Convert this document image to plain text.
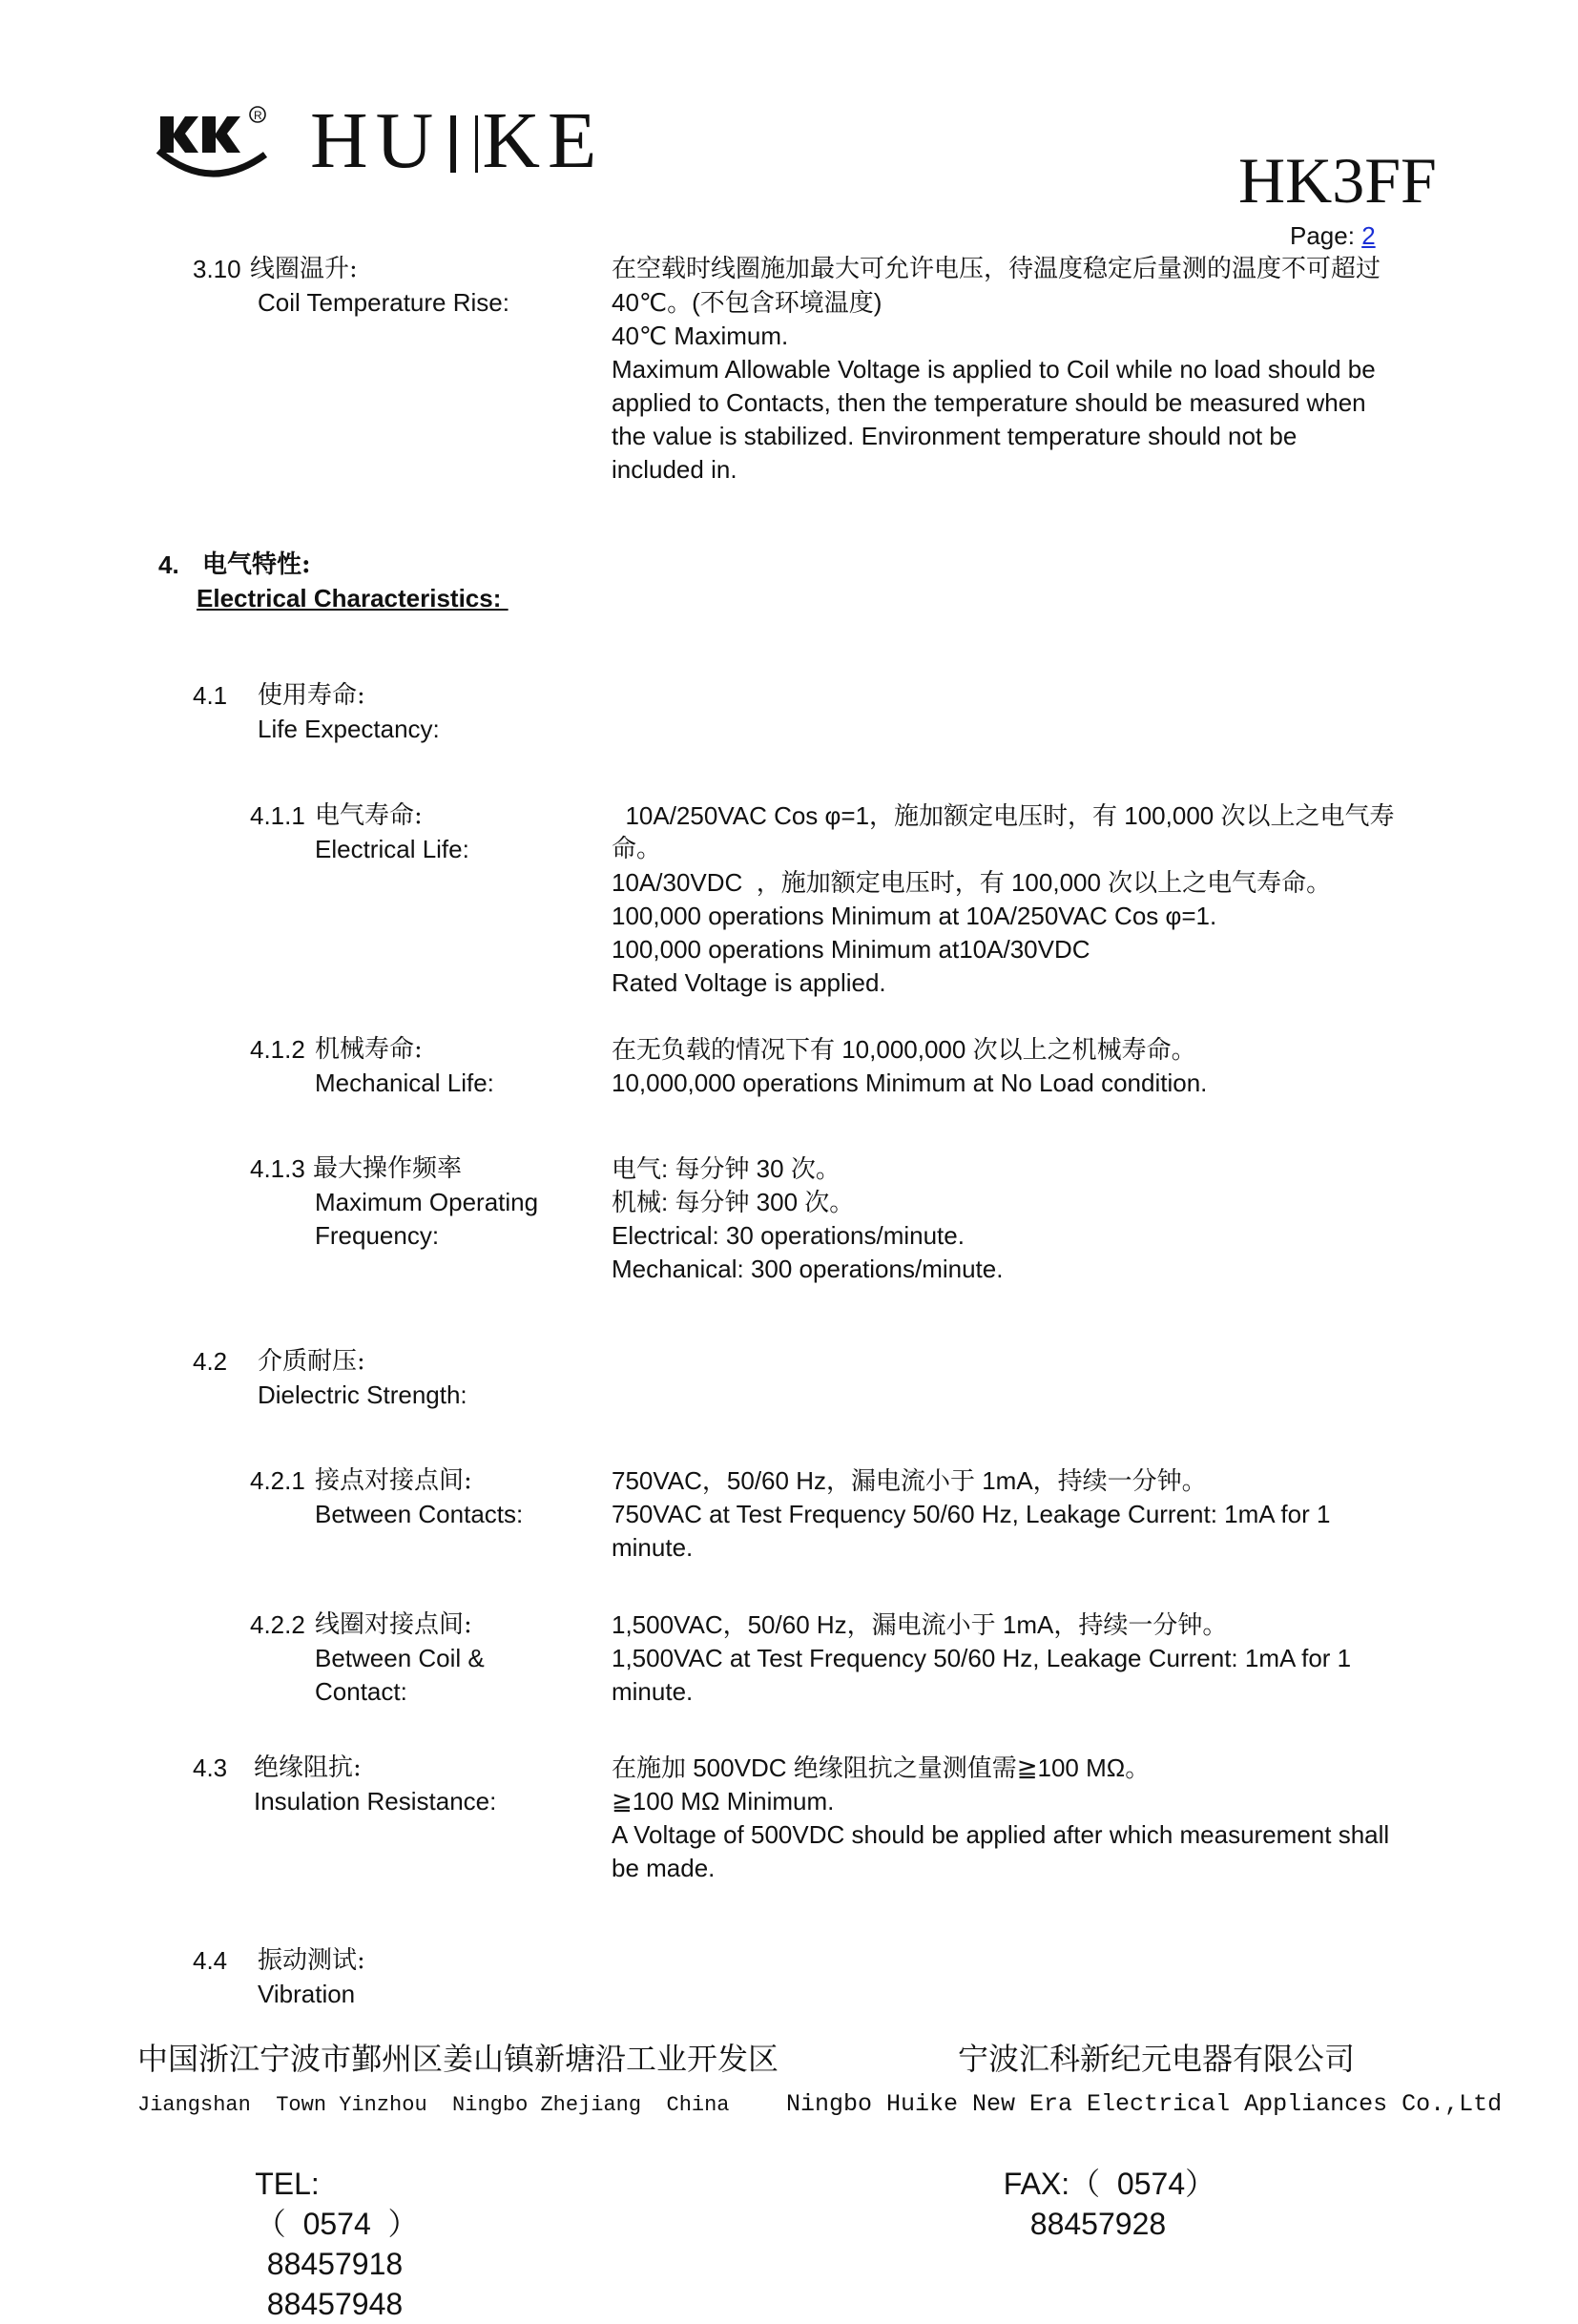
R HU KE	HK3FF
Page: 2
3.10 线圈温升:
Coil Temperature Rise:
在空载时线圈施加最大可允许电压，待温度稳定后量测的温度不可超过
40℃。(不包含环境温度)
40℃ Maximum.
Maximum Allowable Voltage is applied to Coil while no load should be
applied to Contacts, then the temperature should be measured when
the value is stabilized. Environment temperature should not be
included in.
4. 电气特性:
Electrical Characteristics:
4.1 使用寿命:
Life Expectancy:
4.1.1 电气寿命:
Electrical Life:
10A/250VAC Cos φ=1，施加额定电压时，有 100,000 次以上之电气寿
命。
10A/30VDC  ，施加额定电压时，有 100,000 次以上之电气寿命。
100,000 operations Minimum at 10A/250VAC Cos φ=1.
100,000 operations Minimum at10A/30VDC
Rated Voltage is applied.
4.1.2 机械寿命:
Mechanical Life:
在无负载的情况下有 10,000,000 次以上之机械寿命。
10,000,000 operations Minimum at No Load condition.
4.1.3 最大操作频率
Maximum Operating
Frequency:
电气: 每分钟 30 次。
机械: 每分钟 300 次。
Electrical: 30 operations/minute.
Mechanical: 300 operations/minute.
4.2 介质耐压:
Dielectric Strength:
4.2.1 接点对接点间:
Between Contacts:
750VAC，50/60 Hz，漏电流小于 1mA，持续一分钟。
750VAC at Test Frequency 50/60 Hz, Leakage Current: 1mA for 1
minute.
4.2.2 线圈对接点间:
Between Coil &
Contact:
1,500VAC，50/60 Hz，漏电流小于 1mA，持续一分钟。
1,500VAC at Test Frequency 50/60 Hz, Leakage Current: 1mA for 1
minute.
4.3 绝缘阻抗:
Insulation Resistance:
在施加 500VDC 绝缘阻抗之量测值需≧100 MΩ。
≧100 MΩ Minimum.
A Voltage of 500VDC should be applied after which measurement shall
be made.
4.4 振动测试:
Vibration
中国浙江宁波市鄞州区姜山镇新塘沿工业开发区	宁波汇科新纪元电器有限公司
Jiangshan  Town Yinzhou  Ningbo Zhejiang  China Ningbo Huike New Era Electrical Appliances Co.,Ltd

TEL:
（  0574  ）
88457918
88457948

FAX:（  0574）
88457928
